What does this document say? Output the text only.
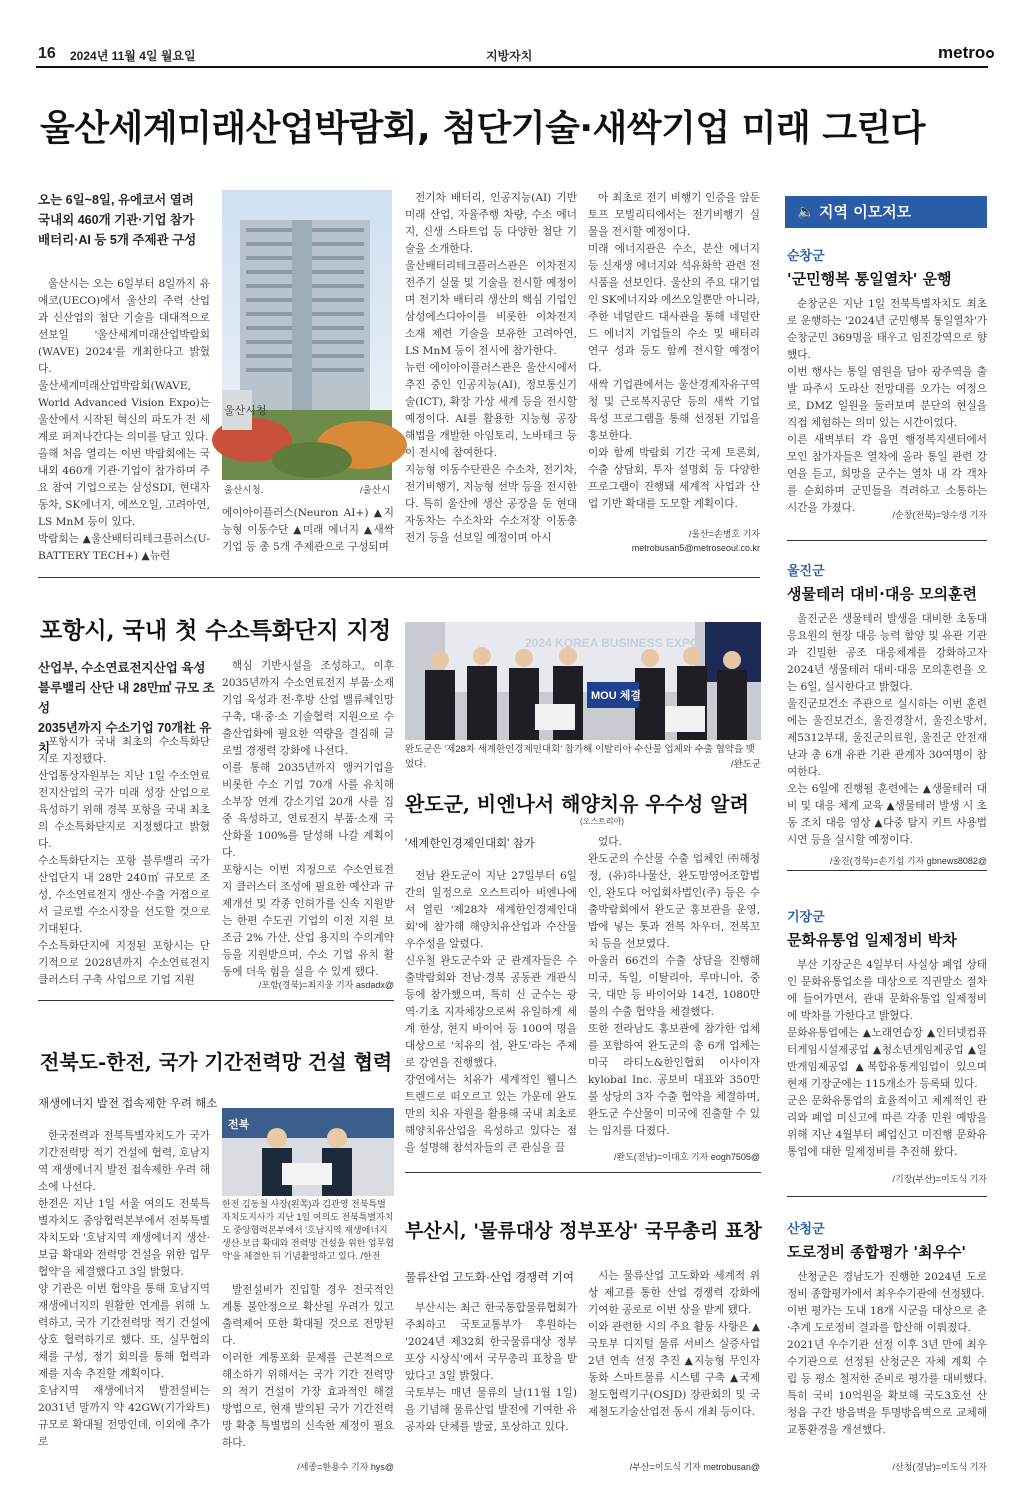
16 2024년 11월 4일 월요일	지방자치	metro
울산세계미래산업박람회, 첨단기술·새싹기업 미래 그린다
오는 6일~8일, 유에코서 열려
국내외 460개 기관·기업 참가
배터리·AI 등 5개 주제관 구성
울산시는 오는 6일부터 8일까지 유에코(UECO)에서 울산의 주력 산업과 신산업의 첨단 기술을 대대적으로 선보일 '울산세계미래산업박람회(WAVE) 2024'를 개최한다고 밝혔다.
울산세계미래산업박람회(WAVE, World Advanced Vision Expo)는 울산에서 시작된 혁신의 파도가 전 세계로 퍼져나간다는 의미를 담고 있다.
올해 처음 열리는 이번 박람회에는 국내외 460개 기관·기업이 참가하며 주요 참여 기업으로는 삼성SDI, 현대자동차, SK에너지, 에쓰오일, 고려아연, LS MnM 등이 있다.
박람회는 ▲울산배터리테크플러스(U-BATTERY TECH+) ▲뉴런
울산시청
울산시청.	/울산시
에이아이플러스(Neuron AI+) ▲지능형 이동수단 ▲미래 에너지 ▲새싹기업 등 총 5개 주제관으로 구성되며
전기차 배터리, 인공지능(AI) 기반 미래 산업, 자율주행 차량, 수소 에너지, 신생 스타트업 등 다양한 첨단 기술을 소개한다.
울산배터리테크플러스관은 이차전지 전주기 실물 및 기술을 전시할 예정이며 전기차 배터리 생산의 핵심 기업인 삼성에스디아이를 비롯한 이차전지 소재 제련 기술을 보유한 고려아연, LS MnM 등이 전시에 참가한다.
뉴런 에이아이플러스관은 울산시에서 추진 중인 인공지능(AI), 정보통신기술(ICT), 확장 가상 세계 등을 전시할 예정이다. AI를 활용한 지능형 공장 해법을 개발한 아임토리, 노바테크 등이 전시에 참여한다.
지능형 이동수단관은 수소차, 전기차, 전기비행기, 지능형 선박 등을 전시한다. 특히 울산에 생산 공장을 둔 현대자동차는 수소차와 수소저장 이동충전기 등을 선보일 예정이며 아시
아 최초로 전기 비행기 인증을 앞둔 토프 모빌리티에서는 전기비행기 실물을 전시할 예정이다.
미래 에너지관은 수소, 분산 에너지 등 신재생 에너지와 석유화학 관련 전시품을 선보인다. 울산의 주요 대기업인 SK에너지와 에쓰오일뿐만 아니라, 주한 네덜란드 대사관을 통해 네덜란드 에너지 기업들의 수소 및 배터리 연구 성과 등도 함께 전시할 예정이다.
새싹 기업관에서는 울산경제자유구역청 및 근로복지공단 등의 새싹 기업 육성 프로그램을 통해 선정된 기업을 홍보한다.
이와 함께 박람회 기간 국제 토론회, 수출 상담회, 투자 설명회 등 다양한 프로그램이 진행돼 세계적 사업과 산업 기반 확대를 도모할 계획이다.
/울산=손병호 기자
metrobusan5@metroseoul.co.kr
포항시, 국내 첫 수소특화단지 지정
산업부, 수소연료전지산업 육성
블루밸리 산단 내 28만㎡ 규모 조성
2035년까지 수소기업 70개社 유치
포항시가 국내 최초의 수소특화단지로 지정됐다.
산업통상자원부는 지난 1일 수소연료전지산업의 국가 미래 성장 산업으로 육성하기 위해 경북 포항을 국내 최초의 수소특화단지로 지정했다고 밝혔다.
수소특화단지는 포항 블루밸리 국가산업단지 내 28만 240㎡ 규모로 조성, 수소연료전지 생산·수출 거점으로서 글로벌 수소시장을 선도할 것으로 기대된다.
수소특화단지에 지정된 포항시는 단기적으로 2028년까지 수소연료전지 클러스터 구축 사업으로 기업 지원
핵심 기반시설을 조성하고, 이후 2035년까지 수소연료전지 부품·소재 기업 육성과 전·후방 산업 밸류체인망 구축, 대·중·소 기술협력 지원으로 수출산업화에 필요한 역량을 결집해 글로벌 경쟁력 강화에 나선다.
이를 통해 2035년까지 앵커기업을 비롯한 수소 기업 70개 사를 유치해 소부장 연계 강소기업 20개 사를 집중 육성하고, 연료전지 부품·소재 국산화율 100%를 달성해 나갈 계획이다.
포항시는 이번 지정으로 수소연료전지 클러스터 조성에 필요한 예산과 규제개선 및 각종 인허가를 신속 지원받는 한편 수도권 기업의 이전 지원 보조금 2% 가산, 산업 용지의 수의계약 등을 지원받으며, 수소 기업 유치 활동에 더욱 힘을 실을 수 있게 됐다.
/포항(경북)=최지웅 기자 asdadx@
전북도-한전, 국가 기간전력망 건설 협력
재생에너지 발전 접속제한 우려 해소
한국전력과 전북특별자치도가 국가 기간전력망 적기 건설에 협력, 호남지역 재생에너지 발전 접속제한 우려 해소에 나선다.
한전은 지난 1일 서울 여의도 전북특별자치도 중앙협력본부에서 전북특별자치도와 '호남지역 재생에너지 생산·보급 확대와 전력망 건설을 위한 업무협약'을 체결했다고 3일 밝혔다.
양 기관은 이번 협약을 통해 호남지역 재생에너지의 원활한 연계를 위해 노력하고, 국가 기간전력망 적기 건설에 상호 협력하기로 했다. 또, 실무협의체를 구성, 정기 회의를 통해 협력과제를 지속 추진할 계획이다.
호남지역 재생에너지 발전설비는 2031년 말까지 약 42GW(기가와트) 규모로 확대될 전망인데, 이외에 추가로
전북
한전 김동철 사장(왼쪽)과 김관영 전북특별자치도지사가 지난 1일 여의도 전북특별자치도 중앙협력본부에서 '호남지역 재생에너지 생산·보급 확대와 전력망 건설을 위한 업무협약'을 체결한 뒤 기념촬영하고 있다. /한전
발전설비가 진입할 경우 전국적인 계통 불안정으로 확산될 우려가 있고 출력제어 또한 확대될 것으로 전망된다.
이러한 계통포화 문제를 근본적으로 해소하기 위해서는 국가 기간 전력망의 적기 건설이 가장 효과적인 해결 방법으로, 현재 발의된 국가 기간전력망 확충 특별법의 신속한 제정이 필요하다.
/세종=한용수 기자 hys@
2024 KOREA BUSINESS EXPO
MOU 체결
완도군은 '제28차 세계한인경제인대회' 참가해 이탈리아 수산물 업체와 수출 협약을 맺었다.	/완도군
완도군, 비엔나서 해양치유 우수성 알려
(오스트리아)
'세계한인경제인대회' 참가
전남 완도군이 지난 27일부터 6일 간의 일정으로 오스트리아 비엔나에서 열린 '제28차 세계한인경제인대회'에 참가해 해양치유산업과 수산물 우수성을 알렸다.
신우철 완도군수와 군 관계자들은 수출박람회와 전남·경북 공동관 개관식 등에 참가했으며, 특히 신 군수는 광역·기초 지자체장으로써 유일하게 세계 한상, 현지 바이어 등 100여 명을 대상으로 '치유의 섬, 완도'라는 주제로 강연을 진행했다.
강연에서는 치유가 세계적인 웰니스 트렌드로 떠오르고 있는 가운데 완도만의 치유 자원을 활용해 국내 최초로 해양치유산업을 육성하고 있다는 점을 설명해 참석자들의 큰 관심을 끌
었다.
완도군의 수산물 수출 업체인 ㈜해청정, (유)하나물산, 완도맘영어조합법인, 완도다 어업회사법인(주) 등은 수출박람회에서 완도군 홍보관을 운영, 밥에 넣는 톳과 전복 차우더, 전복꼬치 등을 선보였다.
아울러 66건의 수출 상담을 진행해 미국, 독일, 이탈리아, 루마니아, 중국, 대만 등 바이어와 14건, 1080만 불의 수출 협약을 체결했다.
또한 전라남도 홍보관에 참가한 업체를 포함하여 완도군의 총 6개 업체는 미국 라티노&한인협회 이사이자 kylobal Inc. 공보비 대표와 350만 불 상당의 3자 수출 협약을 체결하며, 완도군 수산물이 미국에 진출할 수 있는 입지를 다졌다.
/완도(전남)=이대호 기자 eogh7505@
부산시, '물류대상 정부포상' 국무총리 표창
물류산업 고도화·산업 경쟁력 기여
부산시는 최근 한국통합물류협회가 주최하고 국토교통부가 후원하는 '2024년 제32회 한국물류대상 정부포상 시상식'에서 국무총리 표창을 받았다고 3일 밝혔다.
국토부는 매년 물류의 날(11월 1일)을 기념해 물류산업 발전에 기여한 유공자와 단체를 발굴, 포상하고 있다.
시는 물류산업 고도화와 세계적 위상 제고를 통한 산업 경쟁력 강화에 기여한 공로로 이번 상을 받게 됐다.
이와 관련한 시의 주요 활동 사항은 ▲국토부 디지털 물류 서비스 실증사업 2년 연속 선정 추진 ▲지능형 무인자동화 스마트물류 시스템 구축 ▲국제철도협력기구(OSJD) 장관회의 및 국제철도기술산업전 동시 개최 등이다.
/부산=이도식 기자 metrobusan@
🔈 지역 이모저모
순창군
'군민행복 통일열차' 운행
순창군은 지난 1일 전북특별자치도 최초로 운행하는 '2024년 군민행복 통일열차'가 순창군민 369명을 태우고 임진강역으로 향했다.
이번 행사는 통일 염원을 담아 광주역을 출발 파주시 도라산 전망대를 오가는 여정으로, DMZ 일원을 둘러보며 분단의 현실을 직접 체험하는 의미 있는 시간이었다.
이른 새벽부터 각 읍면 행정복지센터에서 모인 참가자들은 열차에 올라 통일 관련 강연을 듣고, 희망을 군수는 열차 내 각 객차를 순회하며 군민들을 격려하고 소통하는 시간을 가졌다.
/순창(전북)=양수생 기자
울진군
생물테러 대비·대응 모의훈련
울진군은 생물테러 발생을 대비한 초동대응요원의 현장 대응 능력 함양 및 유관 기관과 긴밀한 공조 대응체계를 강화하고자 2024년 생물테러 대비·대응 모의훈련을 오는 6일, 실시한다고 밝혔다.
울진군보건소 주관으로 실시하는 이번 훈련에는 울진보건소, 울진경찰서, 울진소방서, 제5312부대, 울진군의료원, 울진군 안전재난과 총 6개 유관 기관 관계자 30여명이 참여한다.
오는 6일에 진행될 훈련에는 ▲생물테러 대비 및 대응 체계 교육 ▲생물테러 발생 시 초동 조치 대응 영상 ▲다중 탐지 키트 사용법 시연 등을 실시할 예정이다.
/울진(경북)=손기섭 기자 gbnews8082@
기장군
문화유통업 일제정비 박차
부산 기장군은 4일부터 사실상 폐업 상태인 문화유통업소를 대상으로 직권말소 절차에 들어가면서, 관내 문화유통업 일제정비에 박차를 가한다고 밝혔다.
문화유통업에는 ▲노래연습장 ▲인터넷컴퓨터게임시설제공업 ▲청소년게임제공업 ▲일반게임제공업 ▲복합유통게임업이 있으며 현재 기장군에는 115개소가 등록돼 있다.
군은 문화유통업의 효율적이고 체계적인 관리와 폐업 미신고에 따른 각종 민원 예방을 위해 지난 4월부터 폐업신고 미진행 문화유통업에 대한 일제정비를 추진해 왔다.
/기장(부산)=이도식 기자
산청군
도로정비 종합평가 '최우수'
산청군은 경남도가 진행한 2024년 도로정비 종합평가에서 최우수기관에 선정됐다.
이번 평가는 도내 18개 시군을 대상으로 춘·추계 도로정비 결과를 합산해 이뤄졌다.
2021년 우수기관 선정 이후 3년 만에 최우수기관으로 선정된 산청군은 자체 계획 수립 등 평소 철저한 준비로 평가를 대비했다. 특히 국비 10억원을 확보해 국도3호선 산청읍 구간 방음벽을 투명방음벽으로 교체해 교통환경을 개선했다.
/산청(경남)=이도식 기자
